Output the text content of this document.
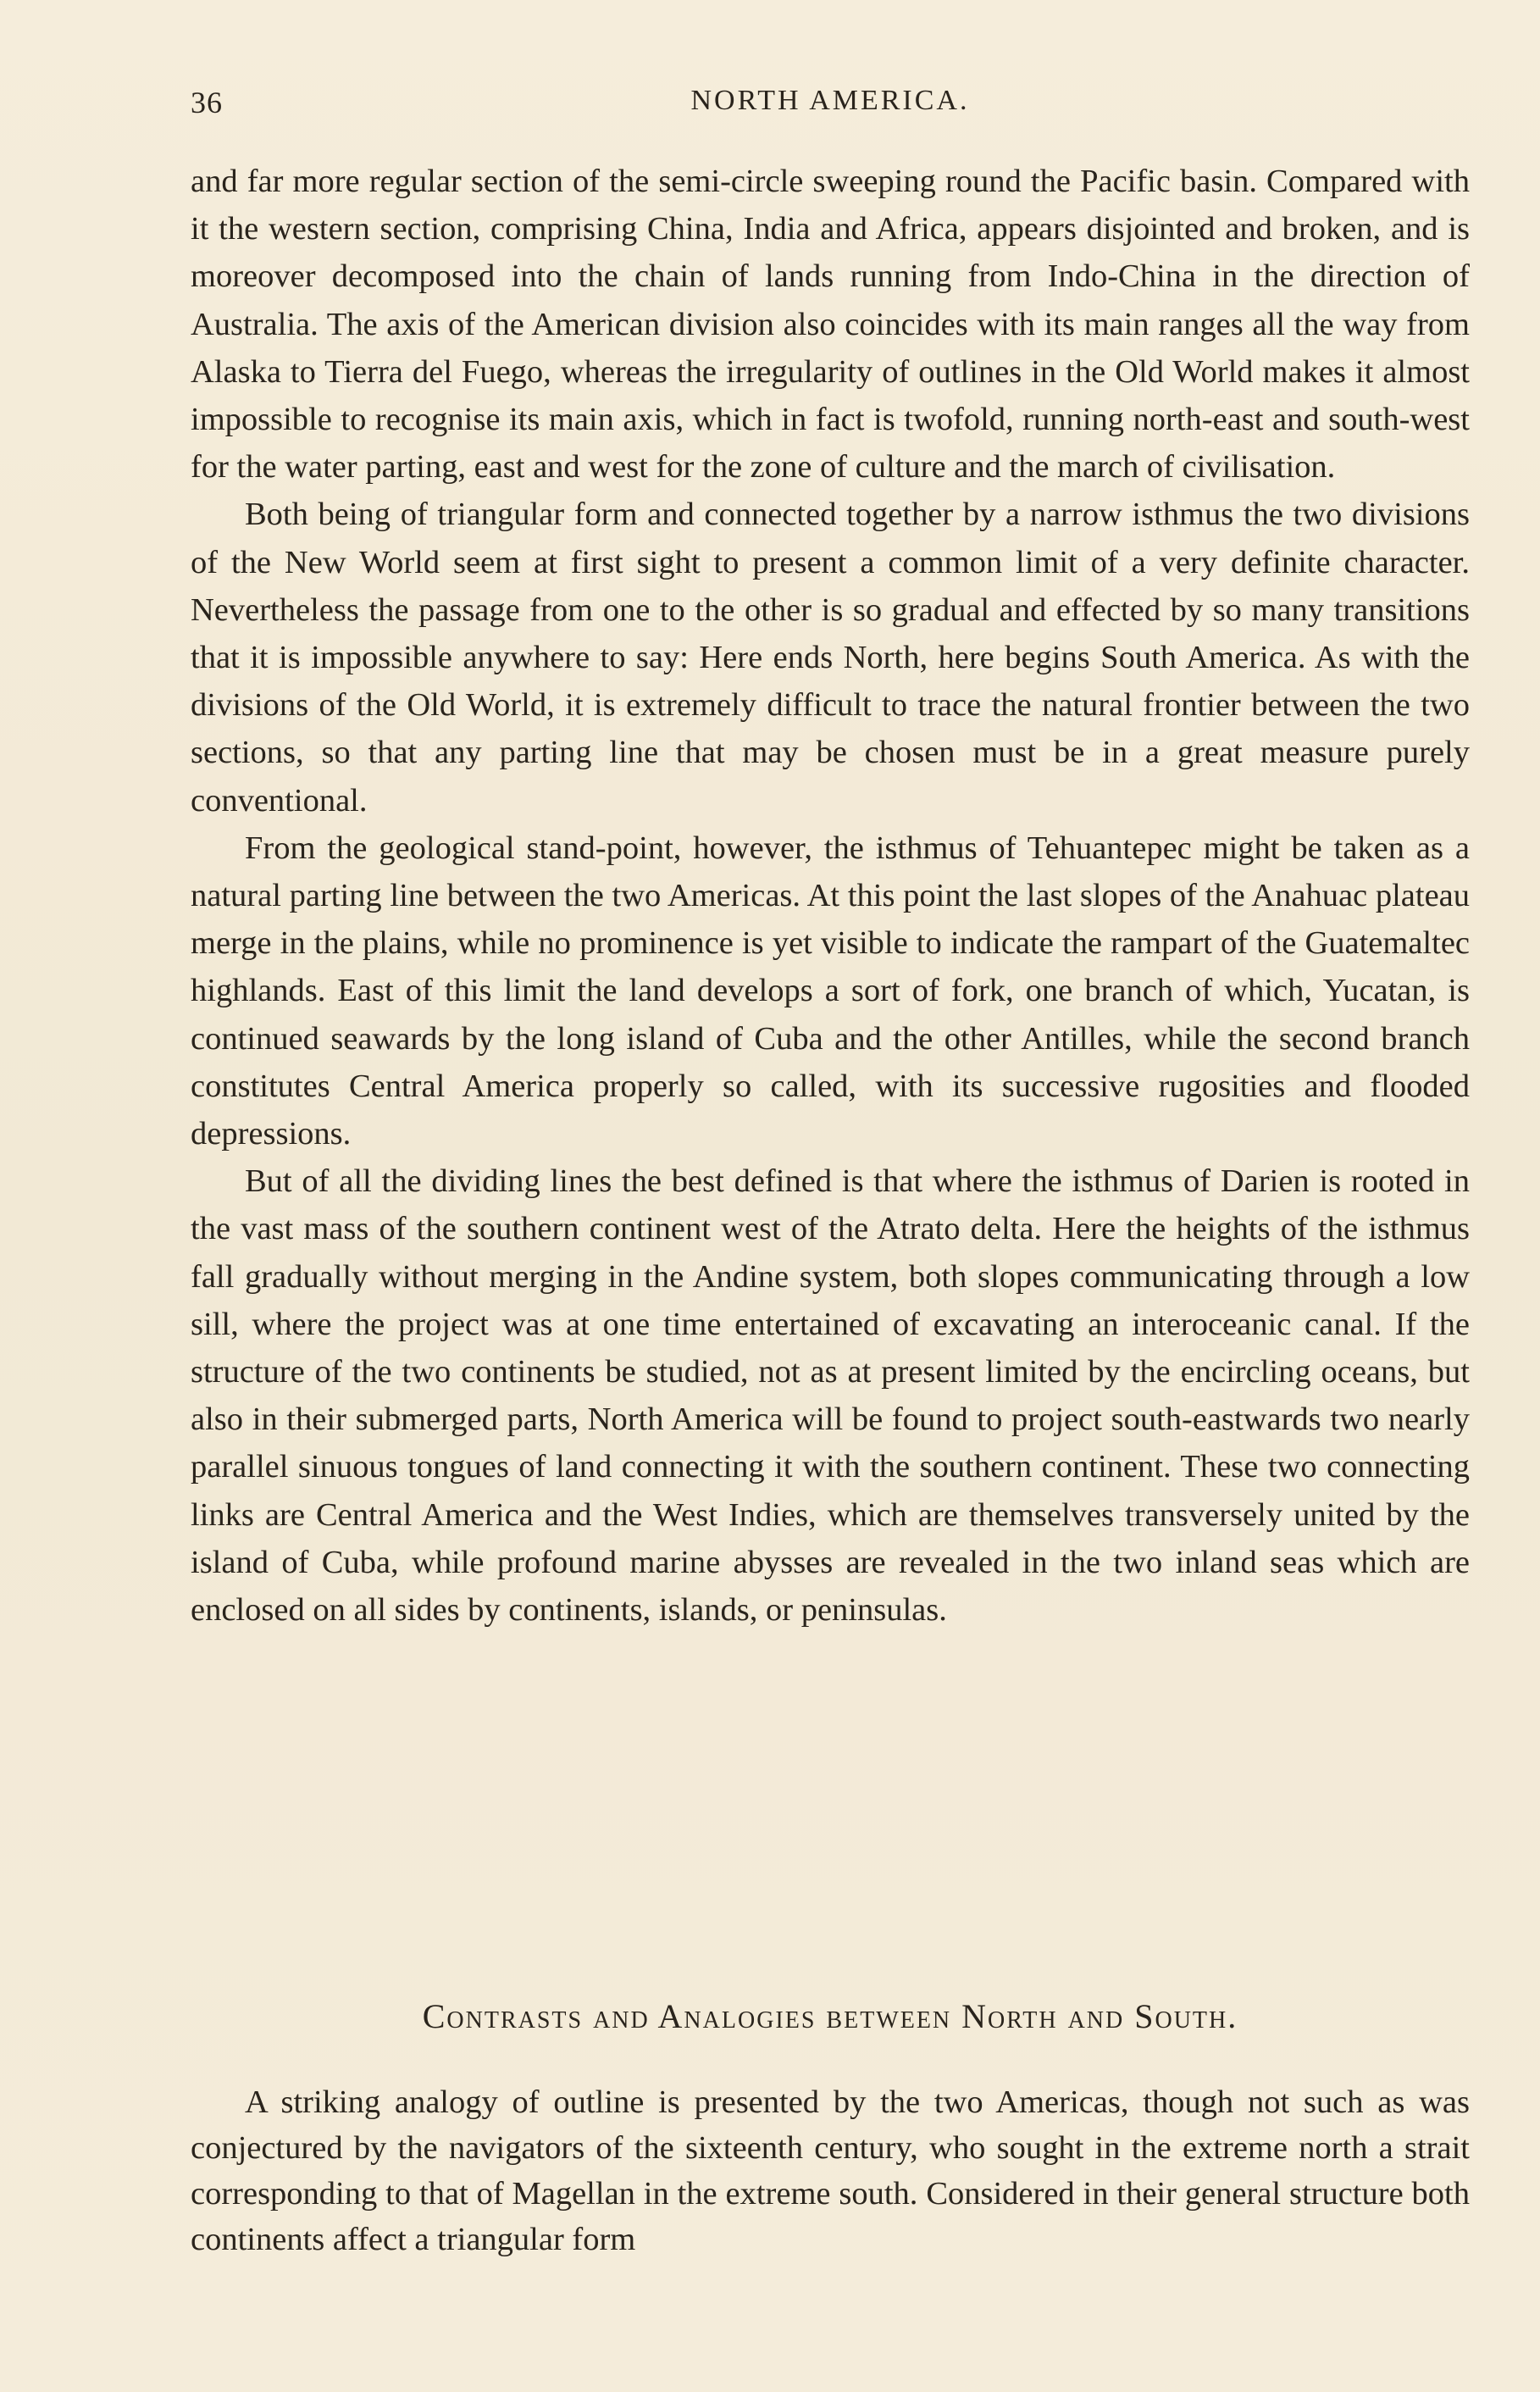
36	NORTH AMERICA.

and far more regular section of the semi-circle sweeping round the Pacific basin. Compared with it the western section, comprising China, India and Africa, appears disjointed and broken, and is moreover decomposed into the chain of lands running from Indo-China in the direction of Australia. The axis of the American division also coincides with its main ranges all the way from Alaska to Tierra del Fuego, whereas the irregularity of outlines in the Old World makes it almost impossible to recognise its main axis, which in fact is twofold, running north-east and south-west for the water parting, east and west for the zone of culture and the march of civilisation.

Both being of triangular form and connected together by a narrow isthmus the two divisions of the New World seem at first sight to present a common limit of a very definite character. Nevertheless the passage from one to the other is so gradual and effected by so many transitions that it is impossible anywhere to say: Here ends North, here begins South America. As with the divisions of the Old World, it is extremely difficult to trace the natural frontier between the two sections, so that any parting line that may be chosen must be in a great measure purely conventional.

From the geological stand-point, however, the isthmus of Tehuantepec might be taken as a natural parting line between the two Americas. At this point the last slopes of the Anahuac plateau merge in the plains, while no prominence is yet visible to indicate the rampart of the Guatemaltec highlands. East of this limit the land develops a sort of fork, one branch of which, Yucatan, is continued seawards by the long island of Cuba and the other Antilles, while the second branch constitutes Central America properly so called, with its successive rugosities and flooded depressions.

But of all the dividing lines the best defined is that where the isthmus of Darien is rooted in the vast mass of the southern continent west of the Atrato delta. Here the heights of the isthmus fall gradually without merging in the Andine system, both slopes communicating through a low sill, where the project was at one time entertained of excavating an interoceanic canal. If the structure of the two continents be studied, not as at present limited by the encircling oceans, but also in their submerged parts, North America will be found to project south-eastwards two nearly parallel sinuous tongues of land connecting it with the southern continent. These two connecting links are Central America and the West Indies, which are themselves transversely united by the island of Cuba, while profound marine abysses are revealed in the two inland seas which are enclosed on all sides by continents, islands, or peninsulas.

Contrasts and Analogies between North and South.

A striking analogy of outline is presented by the two Americas, though not such as was conjectured by the navigators of the sixteenth century, who sought in the extreme north a strait corresponding to that of Magellan in the extreme south. Considered in their general structure both continents affect a triangular form
